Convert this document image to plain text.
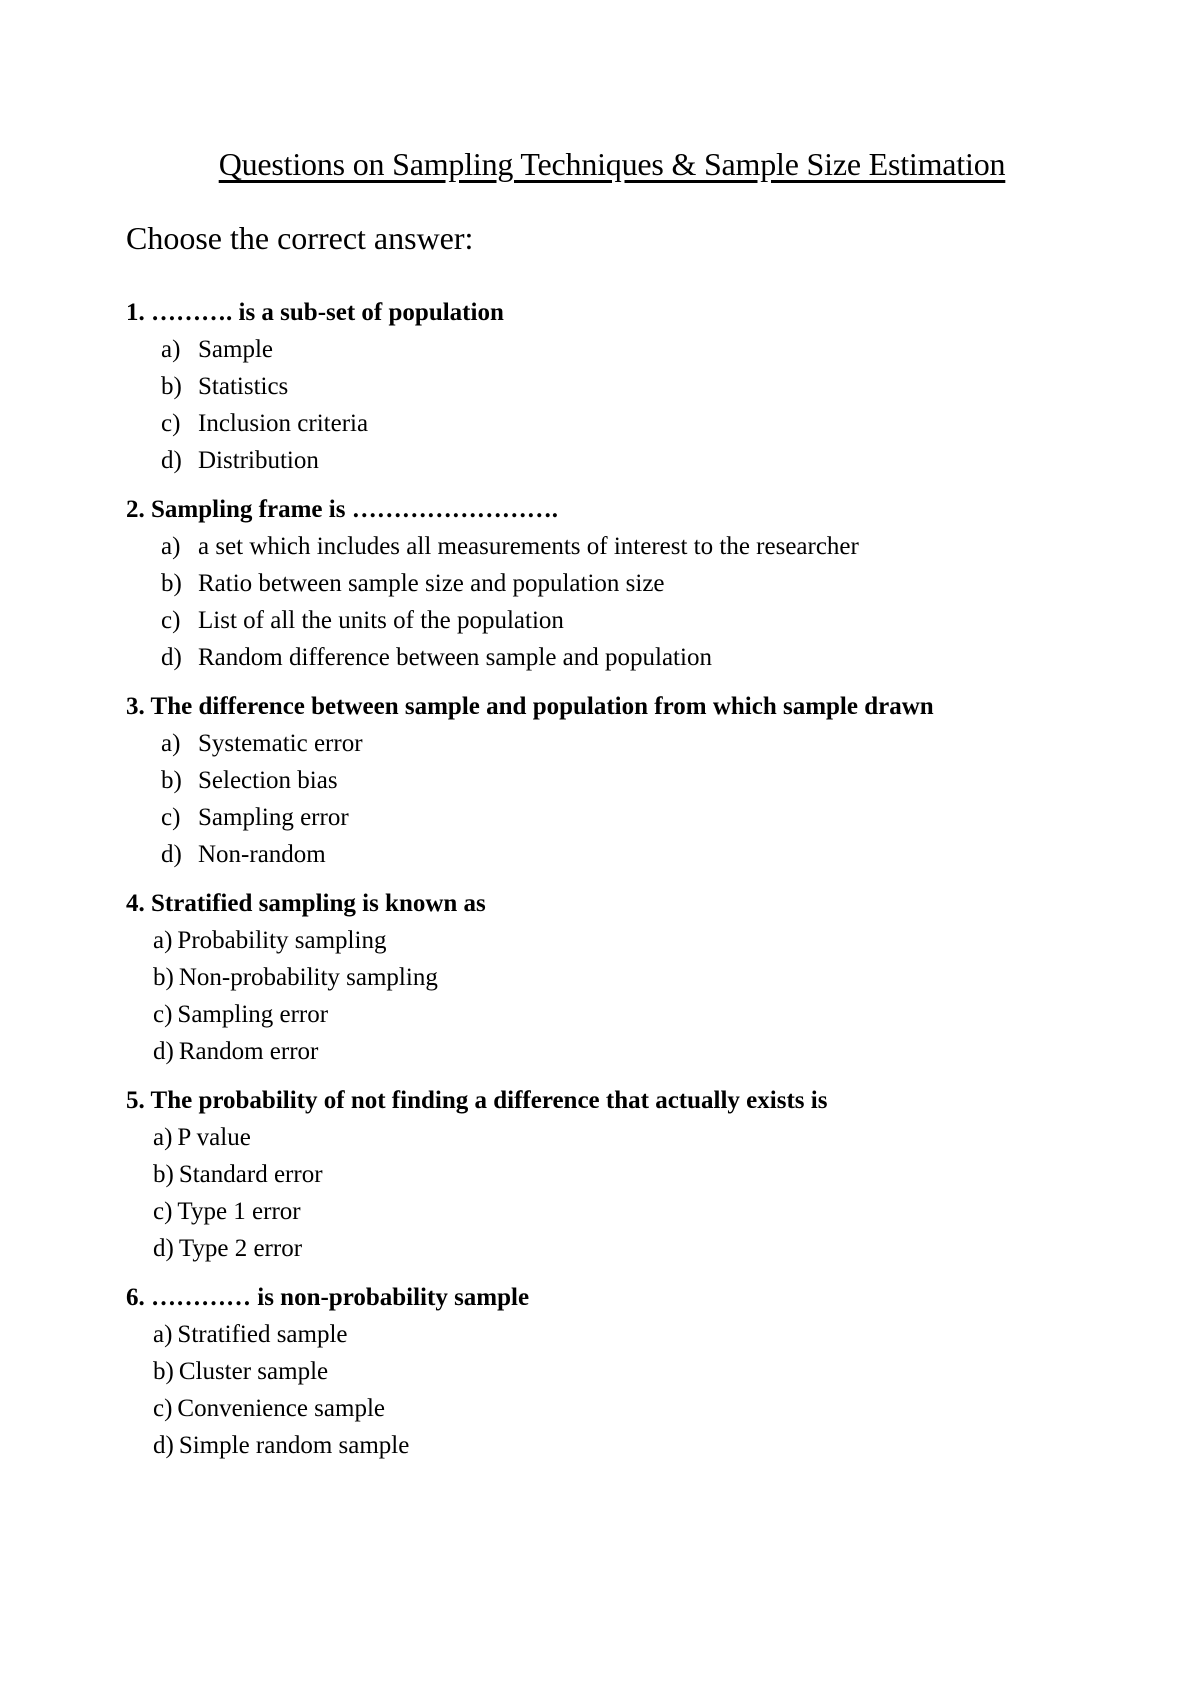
Questions on Sampling Techniques & Sample Size Estimation
Choose the correct answer:
1. ………. is a sub-set of population
a) Sample
b) Statistics
c) Inclusion criteria
d) Distribution
2. Sampling frame is …………………….
a) a set which includes all measurements of interest to the researcher
b) Ratio between sample size and population size
c) List of all the units of the population
d) Random difference between sample and population
3. The difference between sample and population from which sample drawn
a) Systematic error
b) Selection bias
c) Sampling error
d) Non-random
4. Stratified sampling is known as
a) Probability sampling
b) Non-probability sampling
c) Sampling error
d) Random error
5. The probability of not finding a difference that actually exists is
a) P value
b) Standard error
c) Type 1 error
d) Type 2 error
6. ………… is non-probability sample
a) Stratified sample
b) Cluster sample
c) Convenience sample
d) Simple random sample
